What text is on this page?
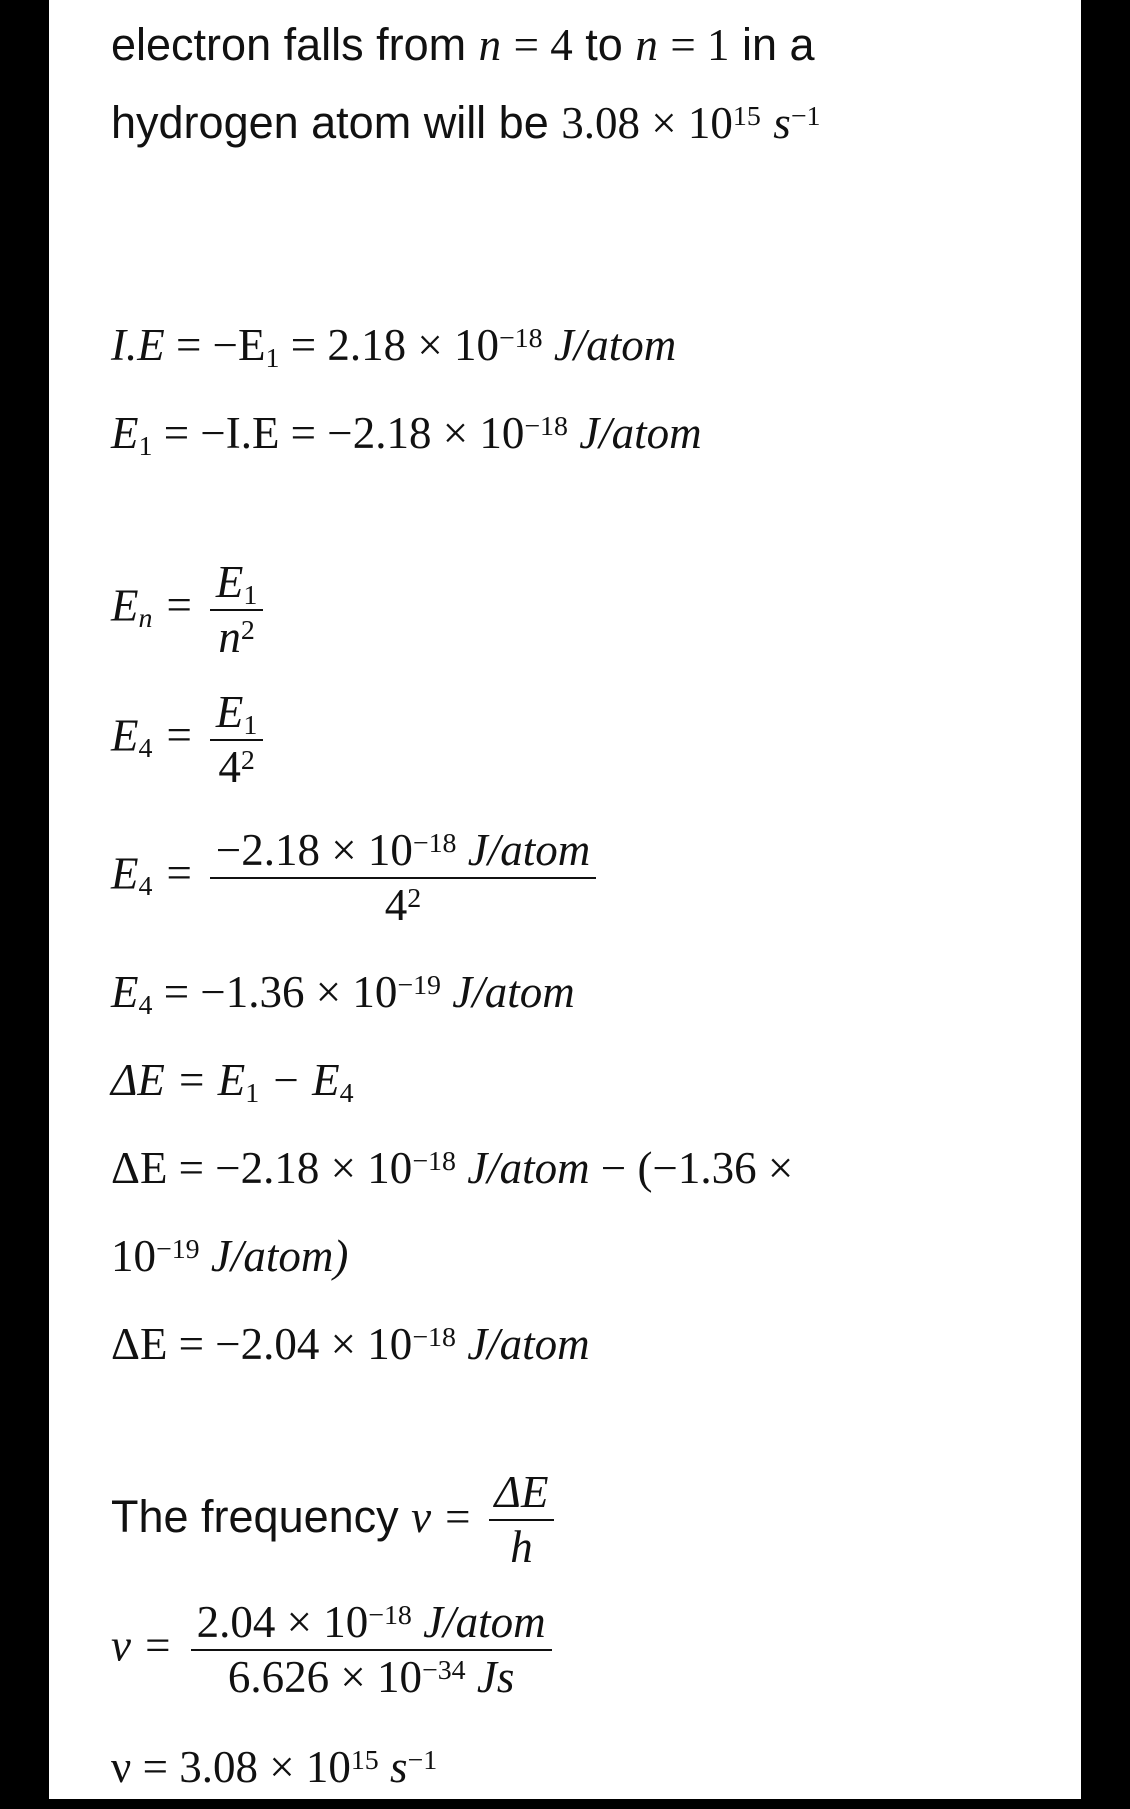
electron falls from n = 4 to n = 1 in a
hydrogen atom will be $3.08 \times 10^{15}$ $s^{-1}$
$I.E = -E_1 = 2.18 \times 10^{-18}$ J/atom
$E_1 = -I.E = -2.18 \times 10^{-18}$ J/atom
$E_n = \frac{E_1}{n^2}$
$E_4 = \frac{E_1}{4^2}$
$E_4 = \frac{-2.18 \times 10^{-18} J/atom}{4^2}$
$E_4 = -1.36 \times 10^{-19}$ J/atom
$\Delta E = E_1 - E_4$
$\Delta E = -2.18 \times 10^{-18}$ J/atom − (−1.36 ×
$10^{-19}$ J/atom)
$\Delta E = -2.04 \times 10^{-18}$ J/atom
The frequency $\nu = \frac{\Delta E}{h}$
$\nu = \frac{2.04 \times 10^{-18} J/atom}{6.626 \times 10^{-34} Js}$
$\nu = 3.08 \times 10^{15}$ $s^{-1}$
